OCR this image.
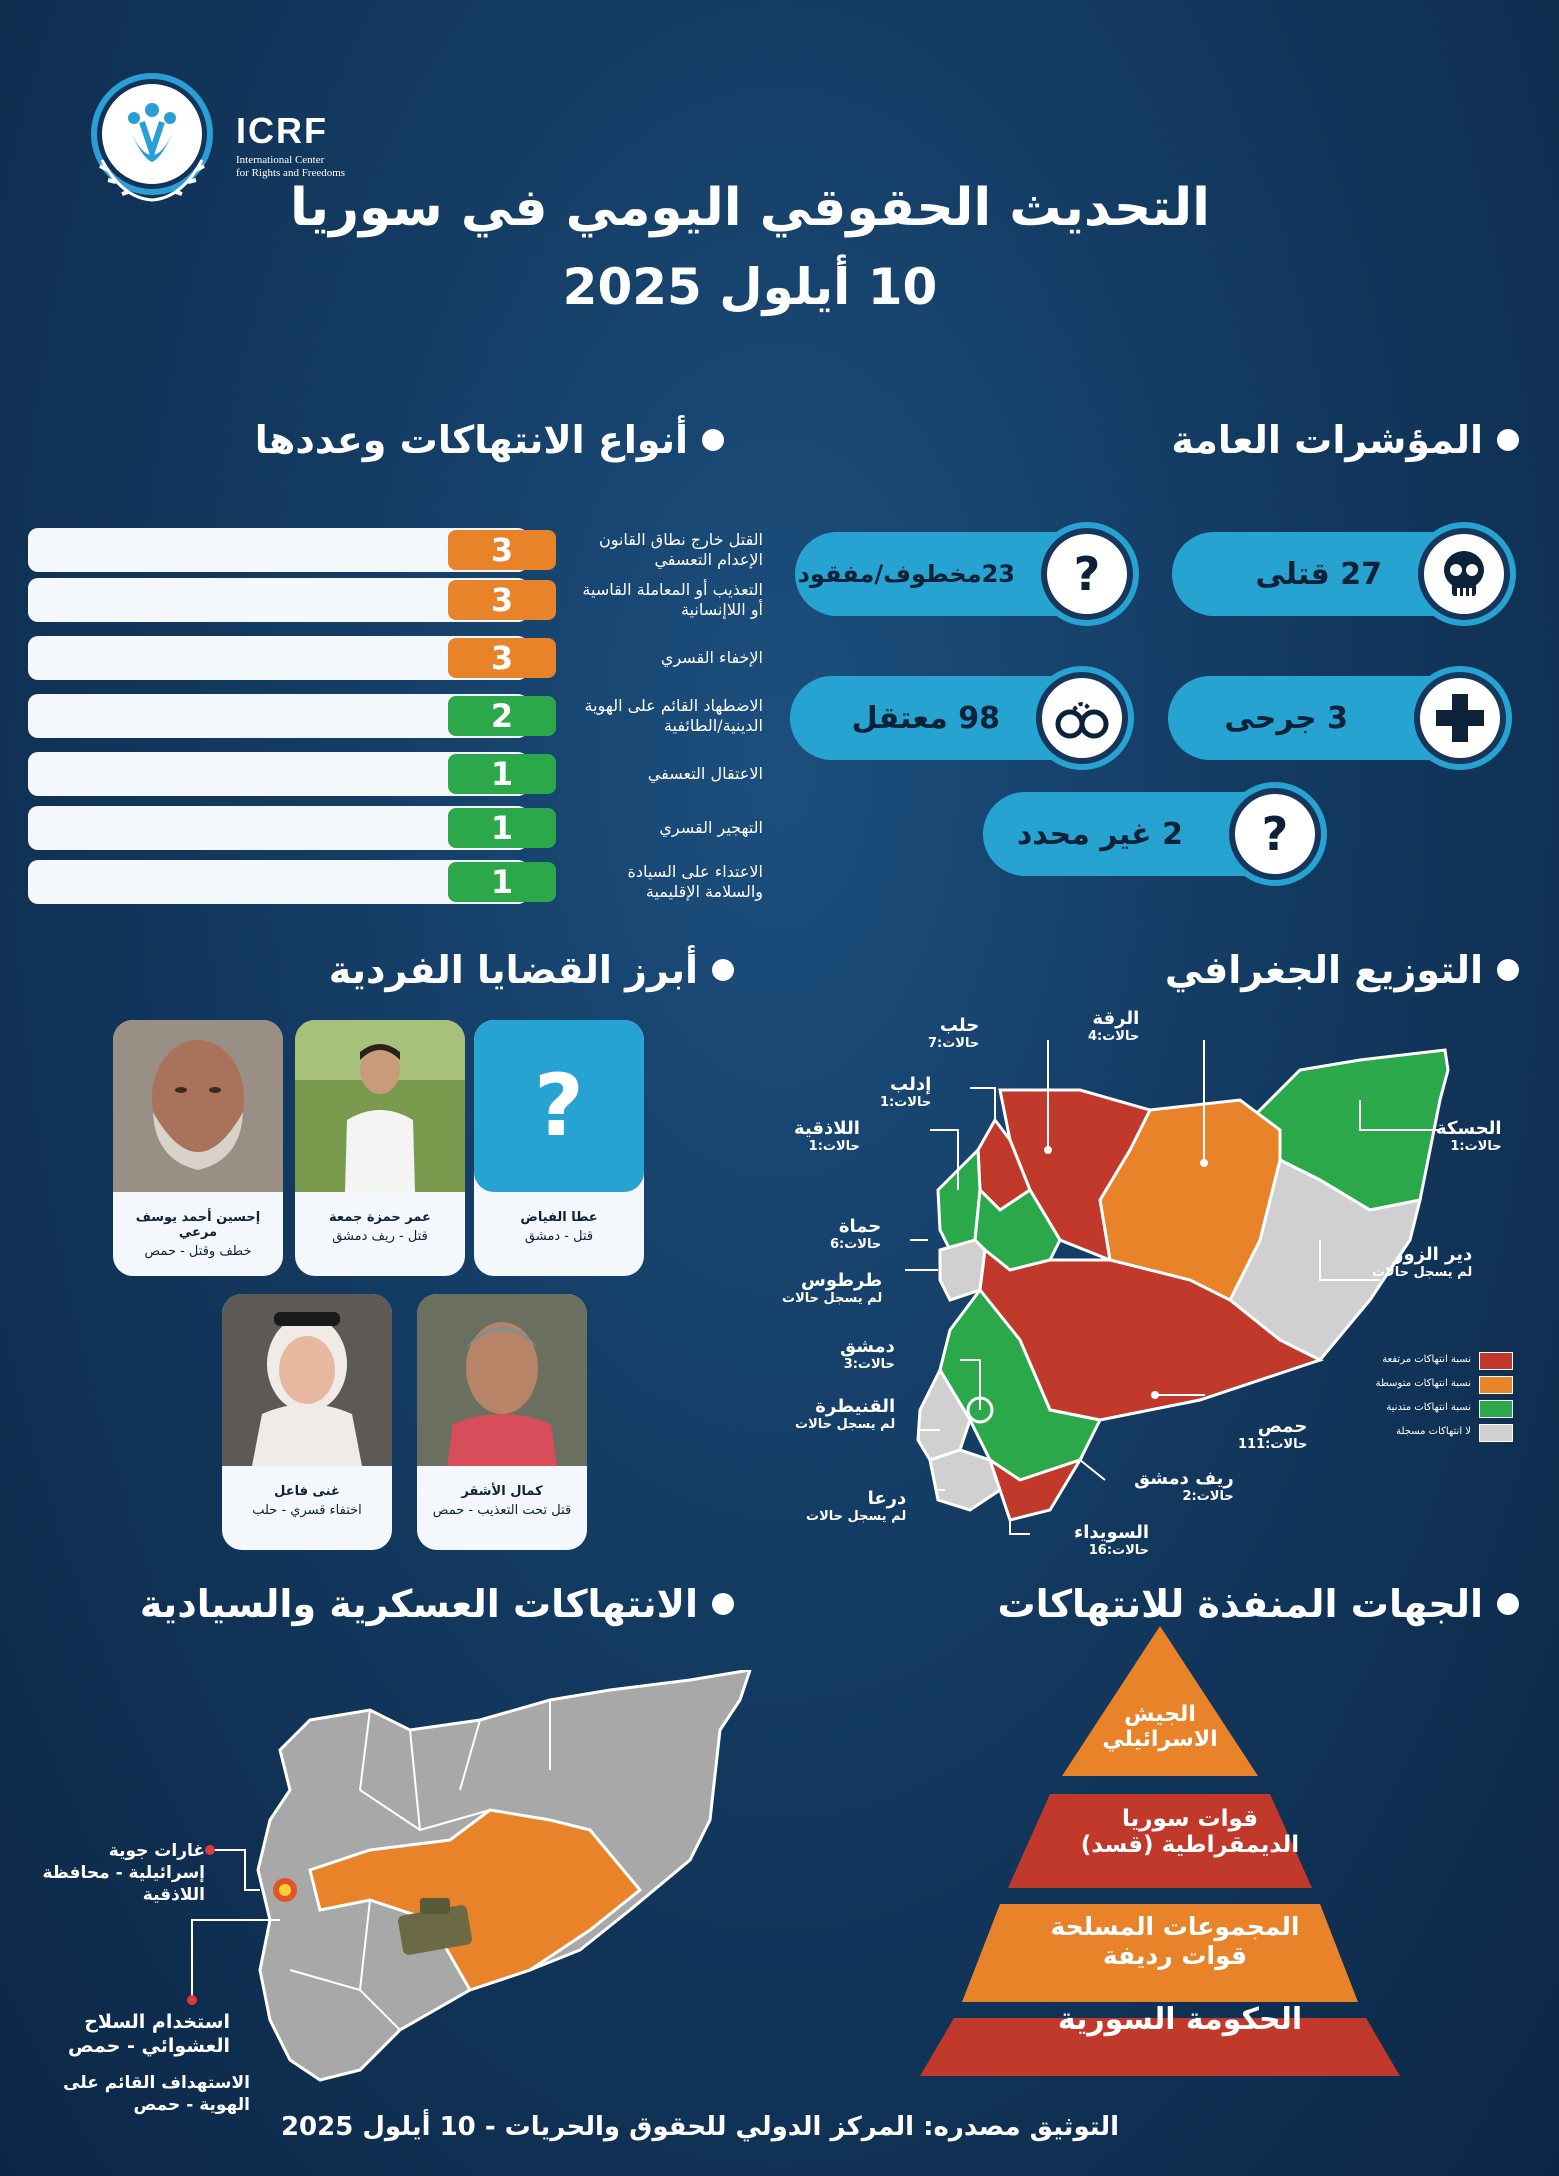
ICRF
International Center
for Rights and Freedoms
التحديث الحقوقي اليومي في سوريا
10 أيلول 2025
أنواع الانتهاكات وعددها	المؤشرات العامة
أبرز القضايا الفردية	التوزيع الجغرافي
الانتهاكات العسكرية والسيادية	الجهات المنفذة للانتهاكات
3	القتل خارج نطاق القانون الإعدام التعسفي
3	التعذيب أو المعاملة القاسية أو اللاإنسانية
3	الإخفاء القسري
2	الاضطهاد القائم على الهوية الدينية/الطائفية
1	الاعتقال التعسفي
1	التهجير القسري
1	الاعتداء على السيادة والسلامة الإقليمية
27 قتلى
?
23مخطوف/مفقود
3 جرحى
98 معتقل
?
2 غير محدد
?
عطا الفياض
قتل - دمشق
عمر حمزة جمعة
قتل - ريف دمشق
إحسين أحمد يوسف مرعي
خطف وقتل - حمص
كمال الأشقر
قتل تحت التعذيب - حمص
غنى فاعل
اختفاء قسري - حلب
حلب
حالات:7
الرقة
حالات:4
إدلب
حالات:1
الحسكة
حالات:1
اللاذقية
حالات:1
حماة
حالات:6	دير الزور
لم يسجل حالات
طرطوس
لم يسجل حالات
دمشق
حالات:3
القنيطرة
لم يسجل حالات	حمص
حالات:111
ريف دمشق
حالات:2
درعا
لم يسجل حالات
السويداء
حالات:16
نسبة انتهاكات مرتفعة
نسبة انتهاكات متوسطة
نسبة انتهاكات متدنية
لا انتهاكات مسجلة
غارات جوية إسرائيلية - محافظة اللاذقية
استخدام السلاح العشوائي - حمص
الاستهداف القائم على الهوية - حمص
الجيش الاسرائيلي
قوات سوريا الديمقراطية (قسد)
المجموعات المسلحة قوات رديفة
الحكومة السورية
التوثيق مصدره: المركز الدولي للحقوق والحريات - 10 أيلول 2025
